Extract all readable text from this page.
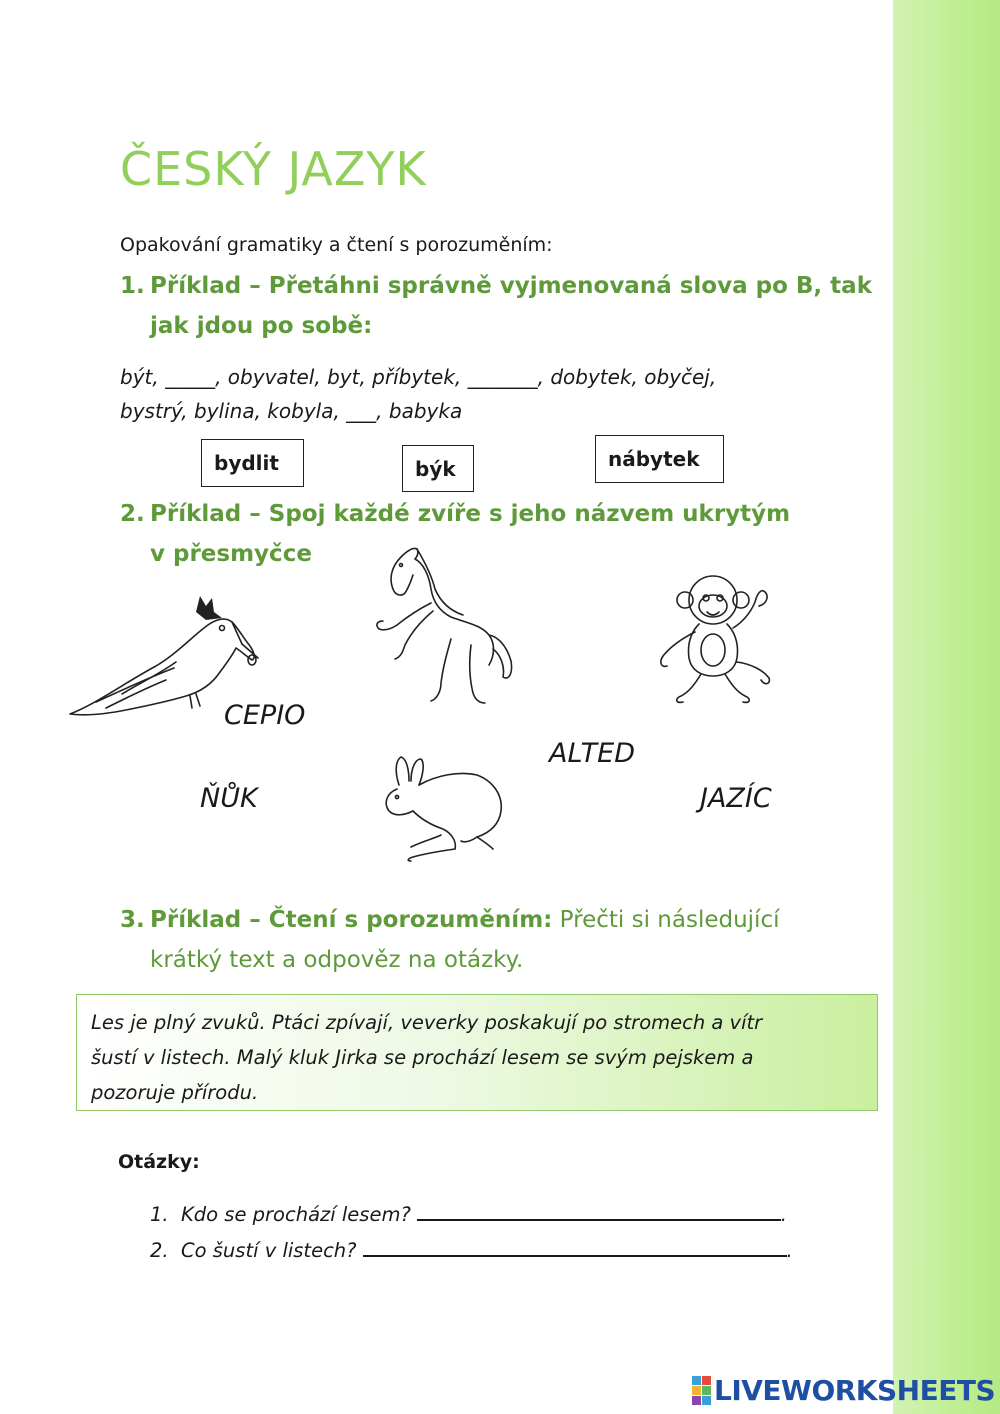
ČESKÝ JAZYK
Opakování gramatiky a čtení s porozuměním:
1. Příklad – Přetáhni správně vyjmenovaná slova po B, tak
jak jdou po sobě:
být, _____, obyvatel, byt, příbytek, _______, dobytek, obyčej,
bystrý, bylina, kobyla, ___, babyka
bydlit	býk	nábytek
2. Příklad – Spoj každé zvíře s jeho názvem ukrytým
v přesmyčce
CEPIO
ALTED
ŇŮK	JAZÍC
3. Příklad – Čtení s porozuměním: Přečti si následující
krátký text a odpověz na otázky.
Les je plný zvuků. Ptáci zpívají, veverky poskakují po stromech a vítr
šustí v listech. Malý kluk Jirka se prochází lesem se svým pejskem a
pozoruje přírodu.
Otázky:
1. Kdo se prochází lesem?	.
2. Co šustí v listech?	.
LIVEWORKSHEETS
